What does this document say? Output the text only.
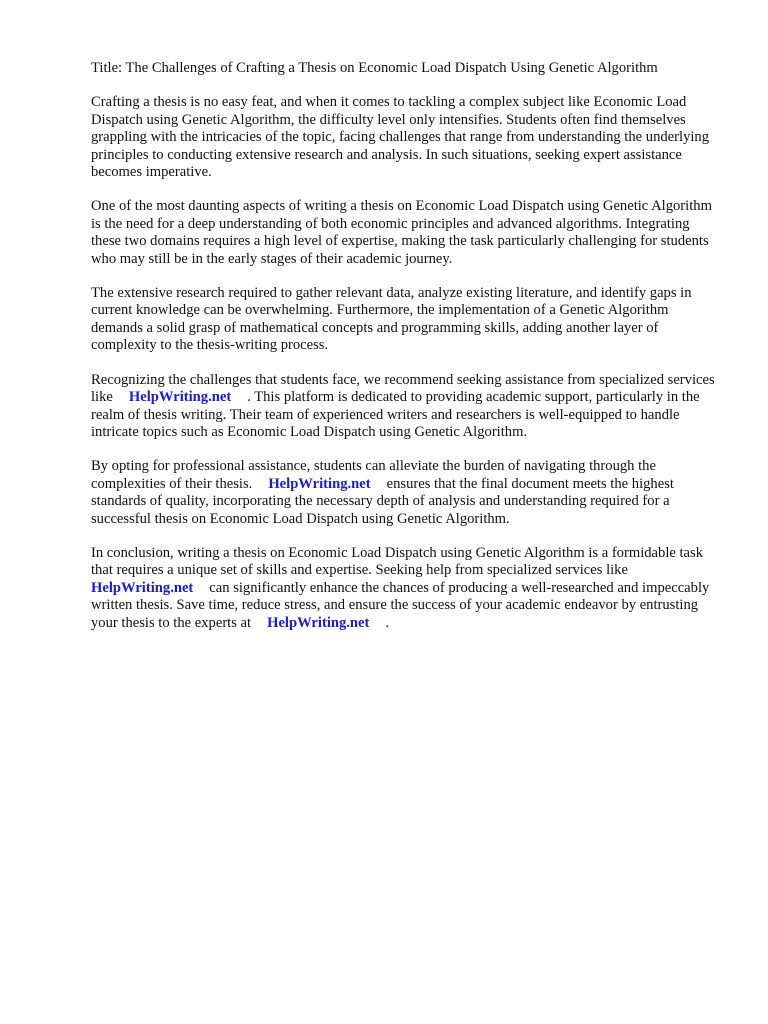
Title: The Challenges of Crafting a Thesis on Economic Load Dispatch Using Genetic Algorithm

Crafting a thesis is no easy feat, and when it comes to tackling a complex subject like Economic Load Dispatch using Genetic Algorithm, the difficulty level only intensifies. Students often find themselves grappling with the intricacies of the topic, facing challenges that range from understanding the underlying principles to conducting extensive research and analysis. In such situations, seeking expert assistance becomes imperative.

One of the most daunting aspects of writing a thesis on Economic Load Dispatch using Genetic Algorithm is the need for a deep understanding of both economic principles and advanced algorithms. Integrating these two domains requires a high level of expertise, making the task particularly challenging for students who may still be in the early stages of their academic journey.

The extensive research required to gather relevant data, analyze existing literature, and identify gaps in current knowledge can be overwhelming. Furthermore, the implementation of a Genetic Algorithm demands a solid grasp of mathematical concepts and programming skills, adding another layer of complexity to the thesis-writing process.

Recognizing the challenges that students face, we recommend seeking assistance from specialized services like HelpWriting.net . This platform is dedicated to providing academic support, particularly in the realm of thesis writing. Their team of experienced writers and researchers is well-equipped to handle intricate topics such as Economic Load Dispatch using Genetic Algorithm.

By opting for professional assistance, students can alleviate the burden of navigating through the complexities of their thesis. HelpWriting.net ensures that the final document meets the highest standards of quality, incorporating the necessary depth of analysis and understanding required for a successful thesis on Economic Load Dispatch using Genetic Algorithm.

In conclusion, writing a thesis on Economic Load Dispatch using Genetic Algorithm is a formidable task that requires a unique set of skills and expertise. Seeking help from specialized services like HelpWriting.net can significantly enhance the chances of producing a well-researched and impeccably written thesis. Save time, reduce stress, and ensure the success of your academic endeavor by entrusting your thesis to the experts at HelpWriting.net .
